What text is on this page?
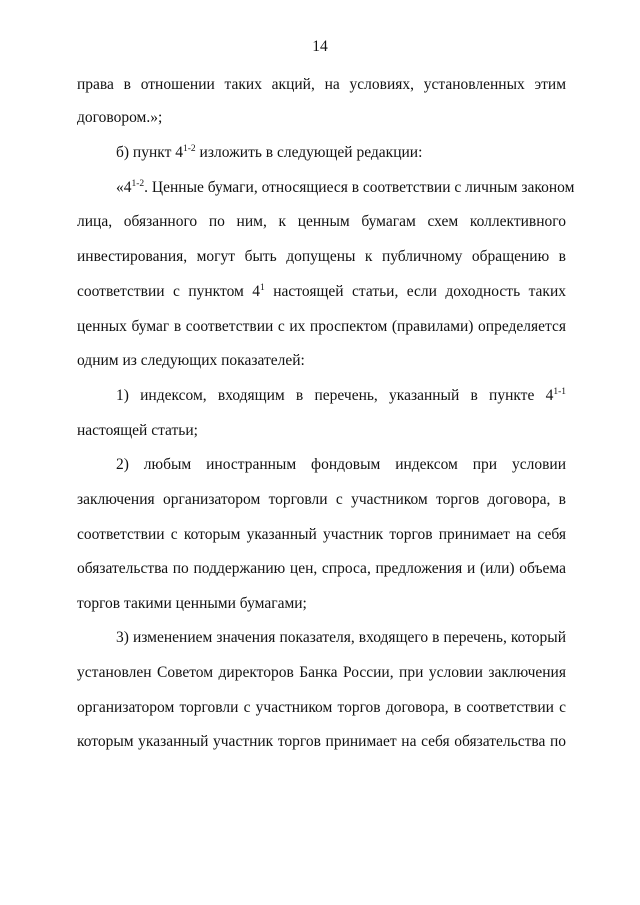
14
права в отношении таких акций, на условиях, установленных этим
договором.»;
б) пункт 4$^{1-2}$ изложить в следующей редакции:
«4$^{1-2}$. Ценные бумаги, относящиеся в соответствии с личным законом
лица, обязанного по ним, к ценным бумагам схем коллективного
инвестирования, могут быть допущены к публичному обращению в
соответствии с пунктом $4^1$ настоящей статьи, если доходность таких
ценных бумаг в соответствии с их проспектом (правилами) определяется
одним из следующих показателей:
1) индексом, входящим в перечень, указанный в пункте 4$^{1-1}$
настоящей статьи;
2) любым иностранным фондовым индексом при условии
заключения организатором торговли с участником торгов договора, в
соответствии с которым указанный участник торгов принимает на себя
обязательства по поддержанию цен, спроса, предложения и (или) объема
торгов такими ценными бумагами;
3) изменением значения показателя, входящего в перечень, который
установлен Советом директоров Банка России, при условии заключения
организатором торговли с участником торгов договора, в соответствии с
которым указанный участник торгов принимает на себя обязательства по
